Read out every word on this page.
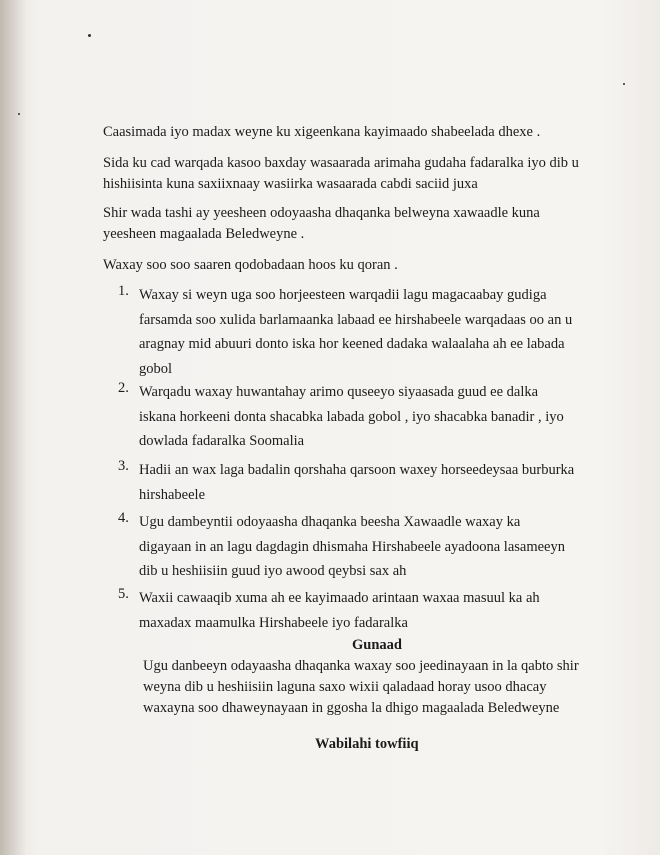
Caasimada iyo madax weyne ku xigeenkana kayimaado shabeelada dhexe .
Sida ku cad warqada kasoo baxday wasaarada arimaha gudaha fadaralka iyo dib u
hishiisinta kuna saxiixnaay wasiirka wasaarada cabdi saciid juxa
Shir wada tashi ay yeesheen odoyaasha dhaqanka belweyna xawaadle kuna
yeesheen magaalada Beledweyne .
Waxay soo soo saaren qodobadaan hoos ku qoran .
1. Waxay si weyn uga soo horjeesteen warqadii lagu magacaabay gudiga
farsamda soo xulida barlamaanka labaad ee hirshabeele warqadaas oo an u
aragnay mid abuuri donto iska hor keened dadaka walaalaha ah ee labada
gobol
2. Warqadu waxay huwantahay arimo quseeyo siyaasada guud ee dalka
iskana horkeeni donta shacabka labada gobol , iyo shacabka banadir , iyo
dowlada fadaralka Soomalia
3. Hadii an wax laga badalin qorshaha qarsoon waxey horseedeysaa burburka
hirshabeele
4. Ugu dambeyntii odoyaasha dhaqanka beesha Xawaadle waxay ka
digayaan in an lagu dagdagin dhismaha Hirshabeele ayadoona lasameeyn
dib u heshiisiin guud iyo awood qeybsi sax ah
5. Waxii cawaaqib xuma ah ee kayimaado arintaan waxaa masuul ka ah
maxadax maamulka Hirshabeele iyo fadaralka
Gunaad
Ugu danbeeyn odayaasha dhaqanka waxay soo jeedinayaan in la qabto shir
weyna dib u heshiisiin laguna saxo wixii qaladaad horay usoo dhacay
waxayna soo dhaweynayaan in ggosha la dhigo magaalada Beledweyne
Wabilahi towfiiq
